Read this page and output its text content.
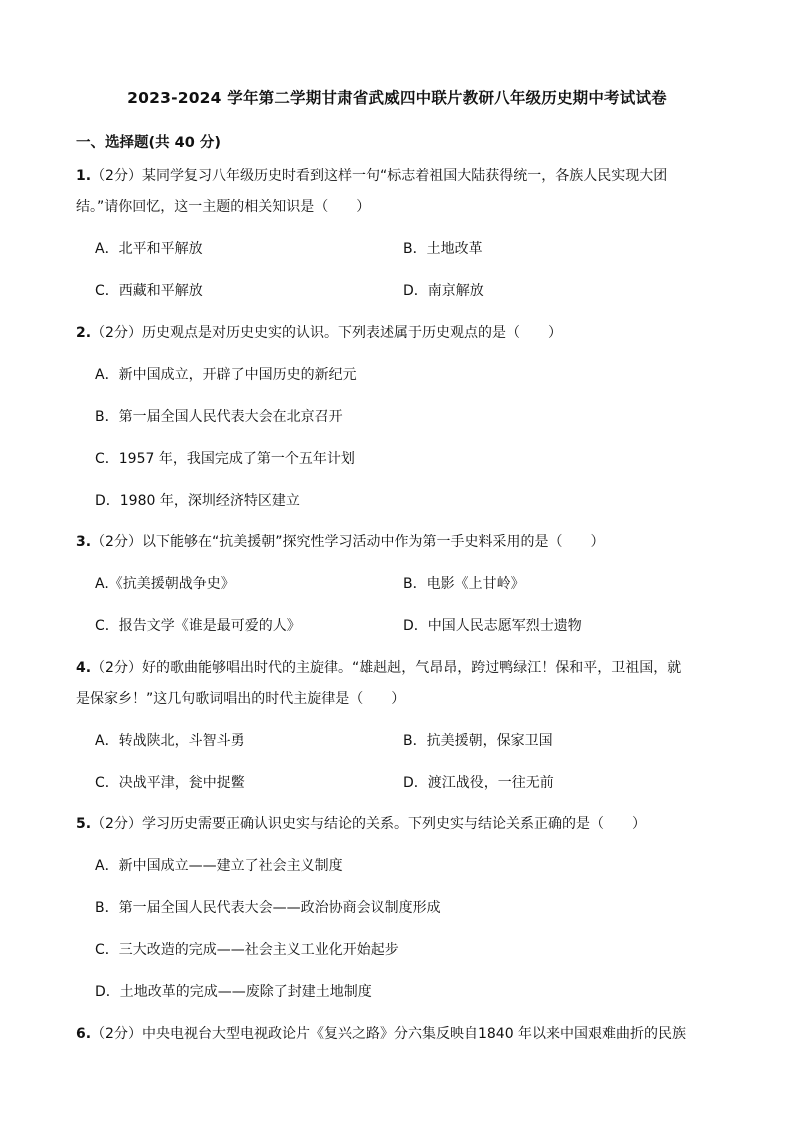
2023-2024 学年第二学期甘肃省武威四中联片教研八年级历史期中考试试卷
一、选择题(共 40 分)
1.（2分）某同学复习八年级历史时看到这样一句“标志着祖国大陆获得统一，各族人民实现大团
结。”请你回忆，这一主题的相关知识是（　　）
A．北平和平解放	B．土地改革
C．西藏和平解放	D．南京解放
2.（2分）历史观点是对历史史实的认识。下列表述属于历史观点的是（　　）
A．新中国成立，开辟了中国历史的新纪元
B．第一届全国人民代表大会在北京召开
C．1957 年，我国完成了第一个五年计划
D．1980 年，深圳经济特区建立
3.（2分）以下能够在“抗美援朝”探究性学习活动中作为第一手史料采用的是（　　）
A.《抗美援朝战争史》	B．电影《上甘岭》
C．报告文学《谁是最可爱的人》	D．中国人民志愿军烈士遗物
4.（2分）好的歌曲能够唱出时代的主旋律。“雄赳赳，气昂昂，跨过鸭绿江！保和平，卫祖国，就
是保家乡！”这几句歌词唱出的时代主旋律是（　　）
A．转战陕北，斗智斗勇	B．抗美援朝，保家卫国
C．决战平津，瓮中捉鳖	D．渡江战役，一往无前
5.（2分）学习历史需要正确认识史实与结论的关系。下列史实与结论关系正确的是（　　）
A．新中国成立——建立了社会主义制度
B．第一届全国人民代表大会——政治协商会议制度形成
C．三大改造的完成——社会主义工业化开始起步
D．土地改革的完成——废除了封建土地制度
6.（2分）中央电视台大型电视政论片《复兴之路》分六集反映自1840 年以来中国艰难曲折的民族
